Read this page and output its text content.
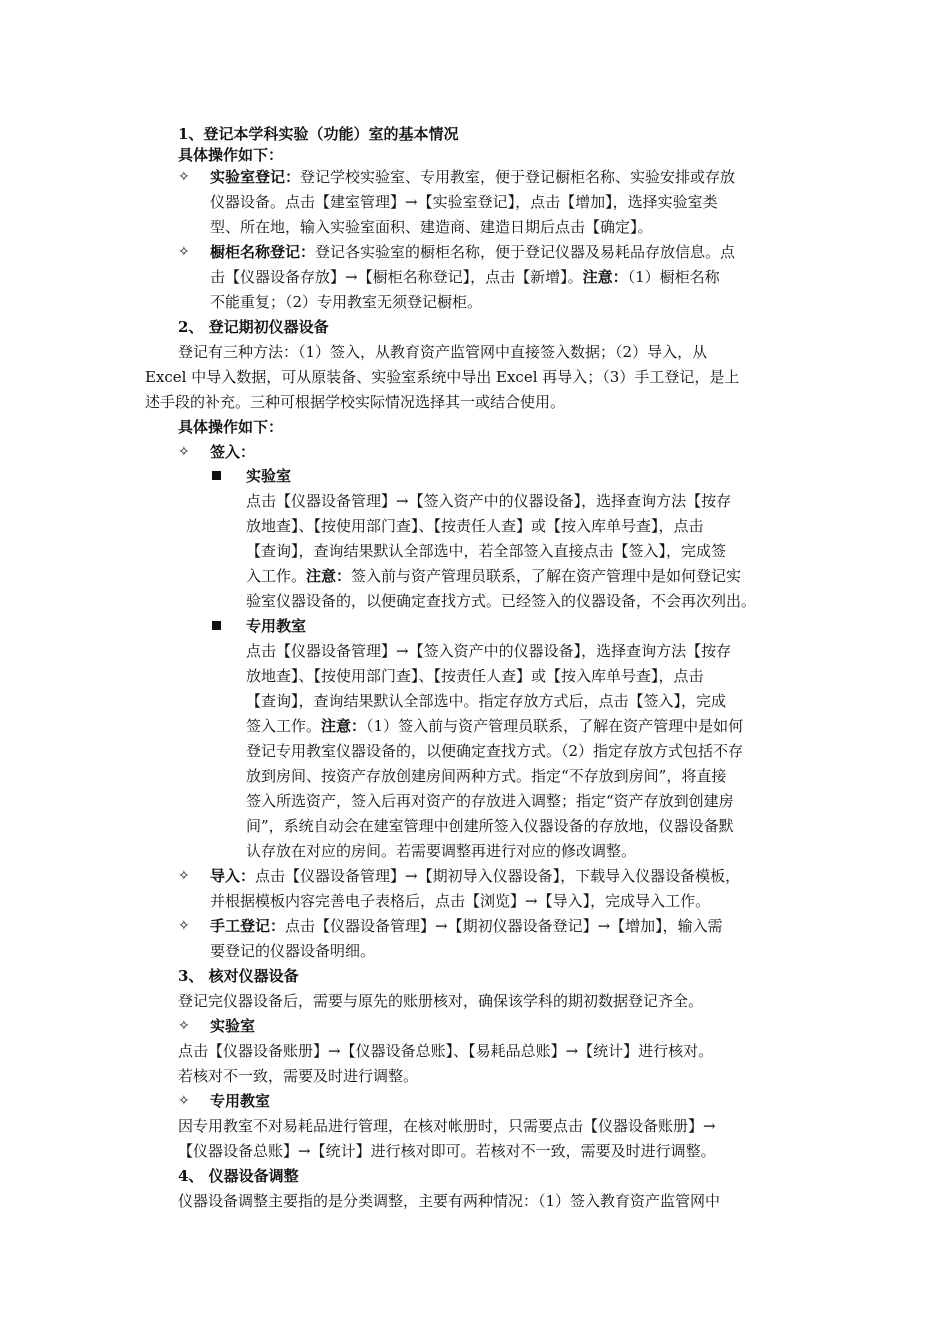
1、登记本学科实验（功能）室的基本情况
具体操作如下：
✧ 实验室登记：登记学校实验室、专用教室，便于登记橱柜名称、实验安排或存放
仪器设备。点击【建室管理】→【实验室登记】，点击【增加】，选择实验室类
型、所在地，输入实验室面积、建造商、建造日期后点击【确定】。
✧ 橱柜名称登记：登记各实验室的橱柜名称，便于登记仪器及易耗品存放信息。点
击【仪器设备存放】→【橱柜名称登记】，点击【新增】。注意：（1）橱柜名称
不能重复；（2）专用教室无须登记橱柜。
2、 登记期初仪器设备
登记有三种方法：（1）签入，从教育资产监管网中直接签入数据；（2）导入，从
Excel 中导入数据，可从原装备、实验室系统中导出 Excel 再导入；（3）手工登记，是上
述手段的补充。三种可根据学校实际情况选择其一或结合使用。
具体操作如下：
✧ 签入：
实验室
点击【仪器设备管理】→【签入资产中的仪器设备】，选择查询方法【按存
放地查】、【按使用部门查】、【按责任人查】或【按入库单号查】，点击
【查询】，查询结果默认全部选中，若全部签入直接点击【签入】，完成签
入工作。注意：签入前与资产管理员联系，了解在资产管理中是如何登记实
验室仪器设备的，以便确定查找方式。已经签入的仪器设备，不会再次列出。
专用教室
点击【仪器设备管理】→【签入资产中的仪器设备】，选择查询方法【按存
放地查】、【按使用部门查】、【按责任人查】或【按入库单号查】，点击
【查询】，查询结果默认全部选中。指定存放方式后，点击【签入】，完成
签入工作。注意：（1）签入前与资产管理员联系，了解在资产管理中是如何
登记专用教室仪器设备的，以便确定查找方式。（2）指定存放方式包括不存
放到房间、按资产存放创建房间两种方式。指定“不存放到房间”，将直接
签入所选资产，签入后再对资产的存放进入调整；指定“资产存放到创建房
间”，系统自动会在建室管理中创建所签入仪器设备的存放地，仪器设备默
认存放在对应的房间。若需要调整再进行对应的修改调整。
✧ 导入：点击【仪器设备管理】→【期初导入仪器设备】，下载导入仪器设备模板，
并根据模板内容完善电子表格后，点击【浏览】→【导入】，完成导入工作。
✧ 手工登记：点击【仪器设备管理】→【期初仪器设备登记】→【增加】，输入需
要登记的仪器设备明细。
3、 核对仪器设备
登记完仪器设备后，需要与原先的账册核对，确保该学科的期初数据登记齐全。
✧ 实验室
点击【仪器设备账册】→【仪器设备总账】、【易耗品总账】→【统计】进行核对。
若核对不一致，需要及时进行调整。
✧ 专用教室
因专用教室不对易耗品进行管理，在核对帐册时，只需要点击【仪器设备账册】→
【仪器设备总账】→【统计】进行核对即可。若核对不一致，需要及时进行调整。
4、 仪器设备调整
仪器设备调整主要指的是分类调整，主要有两种情况：（1）签入教育资产监管网中
